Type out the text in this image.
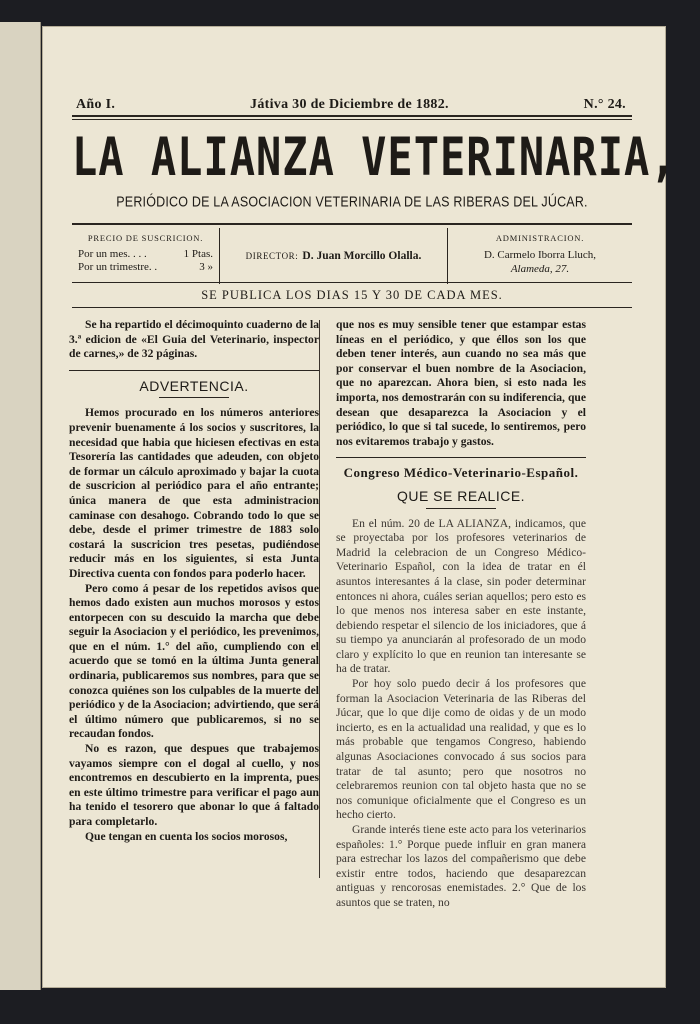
Año I.	Játiva 30 de Diciembre de 1882.	N.° 24.
LA ALIANZA VETERINARIA,
PERIÓDICO DE LA ASOCIACION VETERINARIA DE LAS RIBERAS DEL JÚCAR.
PRECIO DE SUSCRICION.
Por un mes. . . .	1 Ptas.
Por un trimestre. .	3 »
DIRECTOR: D. Juan Morcillo Olalla.
ADMINISTRACION.
D. Carmelo Iborra Lluch,
Alameda, 27.
SE PUBLICA LOS DIAS 15 Y 30 DE CADA MES.

Se ha repartido el décimoquinto cuaderno de la 3.ª edicion de «El Guia del Veterinario, inspector de carnes,» de 32 páginas.

ADVERTENCIA.

Hemos procurado en los números anteriores prevenir buenamente á los socios y suscritores, la necesidad que habia que hiciesen efectivas en esta Tesorería las cantidades que adeuden, con objeto de formar un cálculo aproximado y bajar la cuota de suscricion al periódico para el año entrante; única manera de que esta administracion caminase con desahogo. Cobrando todo lo que se debe, desde el primer trimestre de 1883 solo costará la suscricion tres pesetas, pudiéndose reducir más en los siguientes, si esta Junta Directiva cuenta con fondos para poderlo hacer.

Pero como á pesar de los repetidos avisos que hemos dado existen aun muchos morosos y estos entorpecen con su descuido la marcha que debe seguir la Asociacion y el periódico, les prevenimos, que en el núm. 1.° del año, cumpliendo con el acuerdo que se tomó en la última Junta general ordinaria, publicaremos sus nombres, para que se conozca quiénes son los culpables de la muerte del periódico y de la Asociacion; advirtiendo, que será el último número que publicaremos, si no se recaudan fondos.

No es razon, que despues que trabajemos vayamos siempre con el dogal al cuello, y nos encontremos en descubierto en la imprenta, pues en este último trimestre para verificar el pago aun ha tenido el tesorero que abonar lo que á faltado para completarlo.

Que tengan en cuenta los socios morosos,

que nos es muy sensible tener que estampar estas líneas en el periódico, y que éllos son los que deben tener interés, aun cuando no sea más que por conservar el buen nombre de la Asociacion, que no aparezcan. Ahora bien, si esto nada les importa, nos demostrarán con su indiferencia, que desean que desaparezca la Asociacion y el periódico, lo que si tal sucede, lo sentiremos, pero nos evitaremos trabajo y gastos.

Congreso Médico-Veterinario-Español.
QUE SE REALICE.

En el núm. 20 de LA ALIANZA, indicamos, que se proyectaba por los profesores veterinarios de Madrid la celebracion de un Congreso Médico-Veterinario Español, con la idea de tratar en él asuntos interesantes á la clase, sin poder determinar entonces ni ahora, cuáles serian aquellos; pero esto es lo que menos nos interesa saber en este instante, debiendo respetar el silencio de los iniciadores, que á su tiempo ya anunciarán al profesorado de un modo claro y explícito lo que en reunion tan interesante se ha de tratar.

Por hoy solo puedo decir á los profesores que forman la Asociacion Veterinaria de las Riberas del Júcar, que lo que dije como de oidas y de un modo incierto, es en la actualidad una realidad, y que es lo más probable que tengamos Congreso, habiendo algunas Asociaciones convocado á sus socios para tratar de tal asunto; pero que nosotros no celebraremos reunion con tal objeto hasta que no se nos comunique oficialmente que el Congreso es un hecho cierto.

Grande interés tiene este acto para los veterinarios españoles: 1.° Porque puede influir en gran manera para estrechar los lazos del compañerismo que debe existir entre todos, haciendo que desaparezcan antiguas y rencorosas enemistades. 2.° Que de los asuntos que se traten, no
